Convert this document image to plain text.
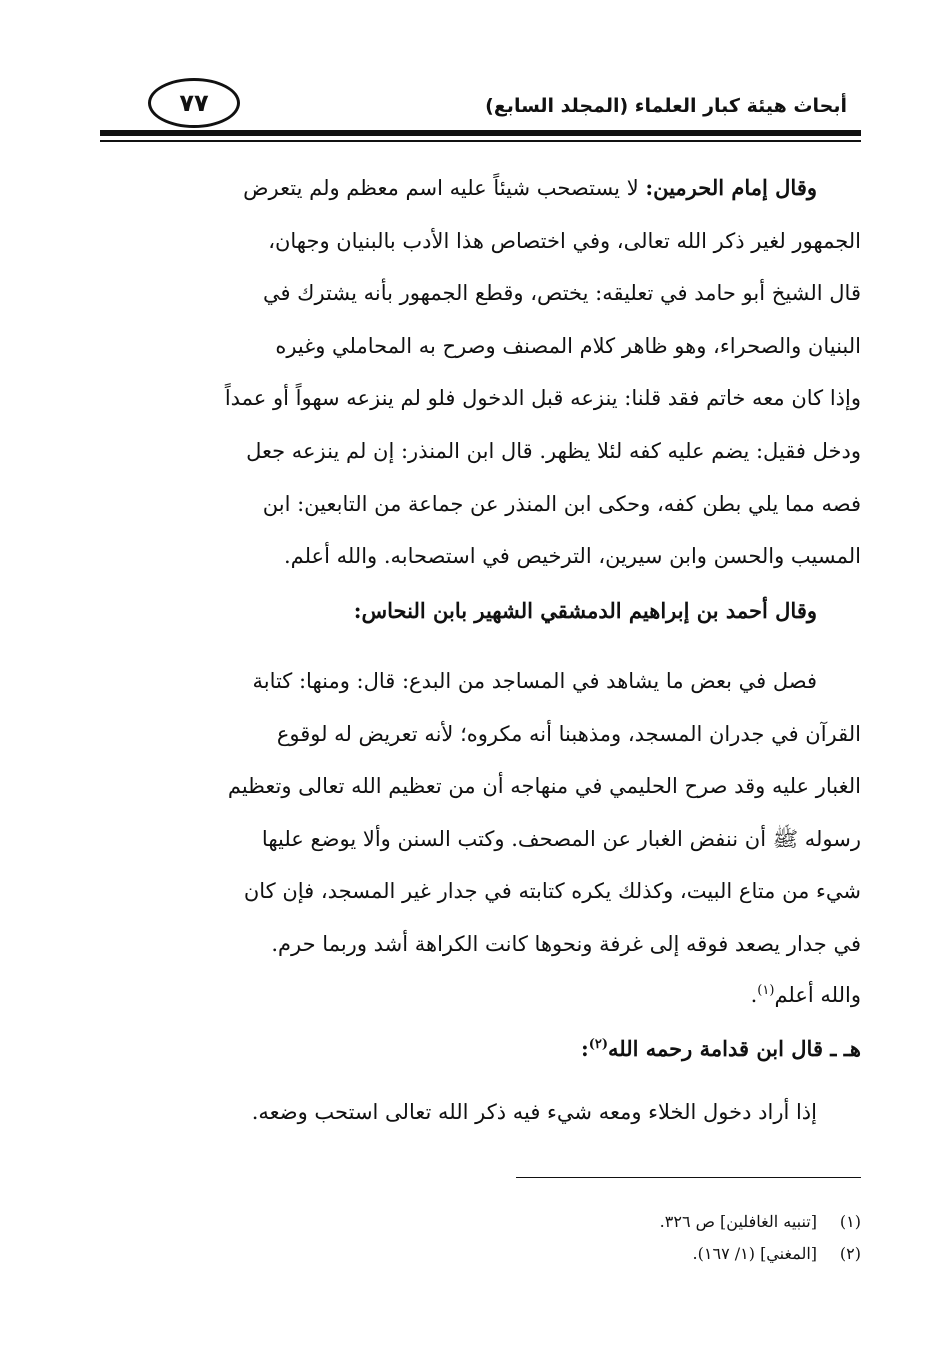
أبحاث هيئة كبار العلماء (المجلد السابع)
٧٧
وقال إمام الحرمين: لا يستصحب شيئاً عليه اسم معظم ولم يتعرض
الجمهور لغير ذكر الله تعالى، وفي اختصاص هذا الأدب بالبنيان وجهان،
قال الشيخ أبو حامد في تعليقه: يختص، وقطع الجمهور بأنه يشترك في
البنيان والصحراء، وهو ظاهر كلام المصنف وصرح به المحاملي وغيره
وإذا كان معه خاتم فقد قلنا: ينزعه قبل الدخول فلو لم ينزعه سهواً أو عمداً
ودخل فقيل: يضم عليه كفه لئلا يظهر. قال ابن المنذر: إن لم ينزعه جعل
فصه مما يلي بطن كفه، وحكى ابن المنذر عن جماعة من التابعين: ابن
المسيب والحسن وابن سيرين، الترخيص في استصحابه. والله أعلم.
وقال أحمد بن إبراهيم الدمشقي الشهير بابن النحاس:
فصل في بعض ما يشاهد في المساجد من البدع: قال: ومنها: كتابة
القرآن في جدران المسجد، ومذهبنا أنه مكروه؛ لأنه تعريض له لوقوع
الغبار عليه وقد صرح الحليمي في منهاجه أن من تعظيم الله تعالى وتعظيم
رسوله ﷺ أن ننفض الغبار عن المصحف. وكتب السنن وألا يوضع عليها
شيء من متاع البيت، وكذلك يكره كتابته في جدار غير المسجد، فإن كان
في جدار يصعد فوقه إلى غرفة ونحوها كانت الكراهة أشد وربما حرم.
والله أعلم$^{(١)}$.
هـ ـ قال ابن قدامة رحمه الله$^{(٢)}$:
إذا أراد دخول الخلاء ومعه شيء فيه ذكر الله تعالى استحب وضعه.
(١)[تنبيه الغافلين] ص ٣٢٦.
(٢)[المغني] (١/ ١٦٧).
